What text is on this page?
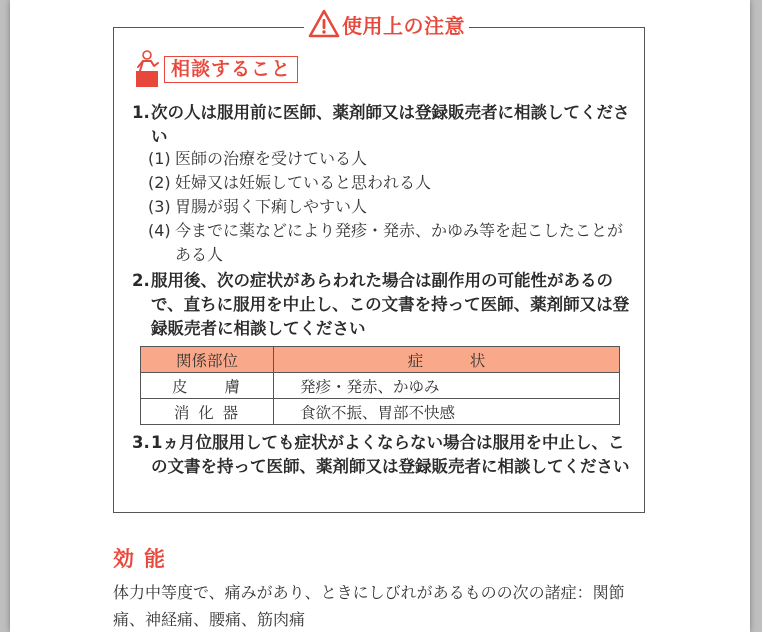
使用上の注意
相談すること
1. 次の人は服用前に医師、薬剤師又は登録販売者に相談してください
(1) 医師の治療を受けている人
(2) 妊婦又は妊娠していると思われる人
(3) 胃腸が弱く下痢しやすい人
(4) 今までに薬などにより発疹・発赤、かゆみ等を起こしたことがある人
2. 服用後、次の症状があらわれた場合は副作用の可能性があるので、直ちに服用を中止し、この文書を持って医師、薬剤師又は登録販売者に相談してください
関係部位	症　　　状
皮　　膚	発疹・発赤、かゆみ
消 化 器	食欲不振、胃部不快感
3. 1ヵ月位服用しても症状がよくならない場合は服用を中止し、この文書を持って医師、薬剤師又は登録販売者に相談してください
効能
体力中等度で、痛みがあり、ときにしびれがあるものの次の諸症：関節痛、神経痛、腰痛、筋肉痛
